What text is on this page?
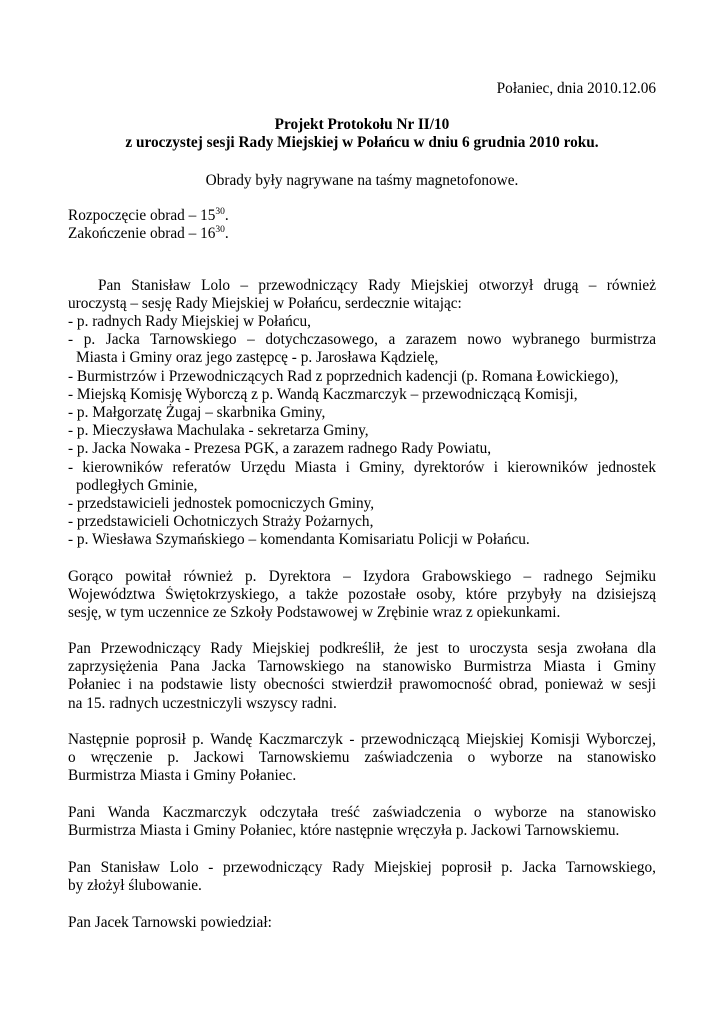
Połaniec, dnia 2010.12.06
Projekt Protokołu Nr II/10
z uroczystej sesji Rady Miejskiej w Połańcu w dniu 6 grudnia 2010 roku.
Obrady były nagrywane na taśmy magnetofonowe.
Rozpoczęcie obrad – $15^{30}$.
Zakończenie obrad – $16^{30}$.
Pan Stanisław Lolo – przewodniczący Rady Miejskiej otworzył drugą – również
uroczystą – sesję Rady Miejskiej w Połańcu, serdecznie witając:
- p. radnych Rady Miejskiej w Połańcu,
- p. Jacka Tarnowskiego – dotychczasowego, a zarazem nowo wybranego burmistrza
Miasta i Gminy oraz jego zastępcę - p. Jarosława Kądzielę,
- Burmistrzów i Przewodniczących Rad z poprzednich kadencji (p. Romana Łowickiego),
- Miejską Komisję Wyborczą z p. Wandą Kaczmarczyk – przewodniczącą Komisji,
- p. Małgorzatę Żugaj – skarbnika Gminy,
- p. Mieczysława Machulaka - sekretarza Gminy,
- p. Jacka Nowaka - Prezesa PGK, a zarazem radnego Rady Powiatu,
- kierowników referatów Urzędu Miasta i Gminy, dyrektorów i kierowników jednostek
podległych Gminie,
- przedstawicieli jednostek pomocniczych Gminy,
- przedstawicieli Ochotniczych Straży Pożarnych,
- p. Wiesława Szymańskiego – komendanta Komisariatu Policji w Połańcu.
Gorąco powitał również p. Dyrektora – Izydora Grabowskiego – radnego Sejmiku
Województwa Świętokrzyskiego, a także pozostałe osoby, które przybyły na dzisiejszą
sesję, w tym uczennice ze Szkoły Podstawowej w Zrębinie wraz z opiekunkami.
Pan Przewodniczący Rady Miejskiej podkreślił, że jest to uroczysta sesja zwołana dla
zaprzysiężenia Pana Jacka Tarnowskiego na stanowisko Burmistrza Miasta i Gminy
Połaniec i na podstawie listy obecności stwierdził prawomocność obrad, ponieważ w sesji
na 15. radnych uczestniczyli wszyscy radni.
Następnie poprosił p. Wandę Kaczmarczyk - przewodniczącą Miejskiej Komisji Wyborczej,
o wręczenie p. Jackowi Tarnowskiemu zaświadczenia o wyborze na stanowisko
Burmistrza Miasta i Gminy Połaniec.
Pani Wanda Kaczmarczyk odczytała treść zaświadczenia o wyborze na stanowisko
Burmistrza Miasta i Gminy Połaniec, które następnie wręczyła p. Jackowi Tarnowskiemu.
Pan Stanisław Lolo - przewodniczący Rady Miejskiej poprosił p. Jacka Tarnowskiego,
by złożył ślubowanie.
Pan Jacek Tarnowski powiedział:
